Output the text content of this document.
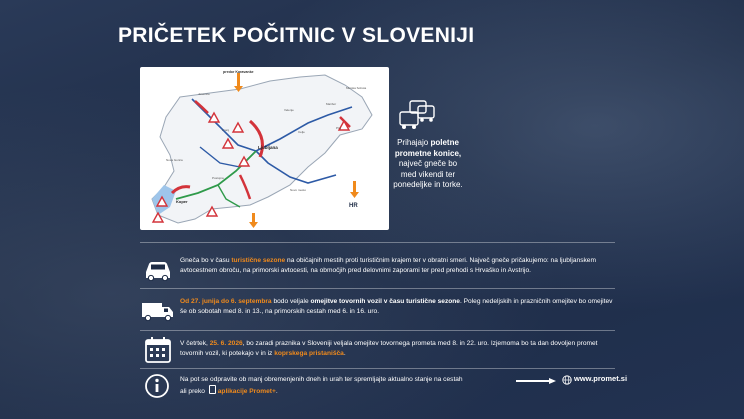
PRIČETEK POČITNIC V SLOVENIJI
predor Karavanke
Ljubljana
Koper
HR
Jesenice
Kranj
Maribor
Celje
Novo mesto
Postojna
Nova Gorica
Murska Sobota
Ptuj
Velenje
Prihajajo poletne prometne konice, največ gneče bo med vikendi ter ponedeljke in torke.
Gneča bo v času turistične sezone na običajnih mestih proti turističnim krajem ter v obratni smeri. Največ gneče pričakujemo: na ljubljanskem avtocestnem obroču, na primorski avtocesti, na območjih pred delovnimi zaporami ter pred prehodi s Hrvaško in Avstrijo.
Od 27. junija do 6. septembra bodo veljale omejitve tovornih vozil v času turistične sezone. Poleg nedeljskih in prazničnih omejitev bo omejitev še ob sobotah med 8. in 13., na primorskih cestah med 6. in 16. uro.
V četrtek, 25. 6. 2026, bo zaradi praznika v Sloveniji veljala omejitev tovornega prometa med 8. in 22. uro. Izjemoma bo ta dan dovoljen promet tovornih vozil, ki potekajo v in iz koprskega pristanišča.
Na pot se odpravite ob manj obremenjenih dneh in urah ter spremljajte aktualno stanje na cestah ali preko aplikacije Promet+.
www.promet.si
